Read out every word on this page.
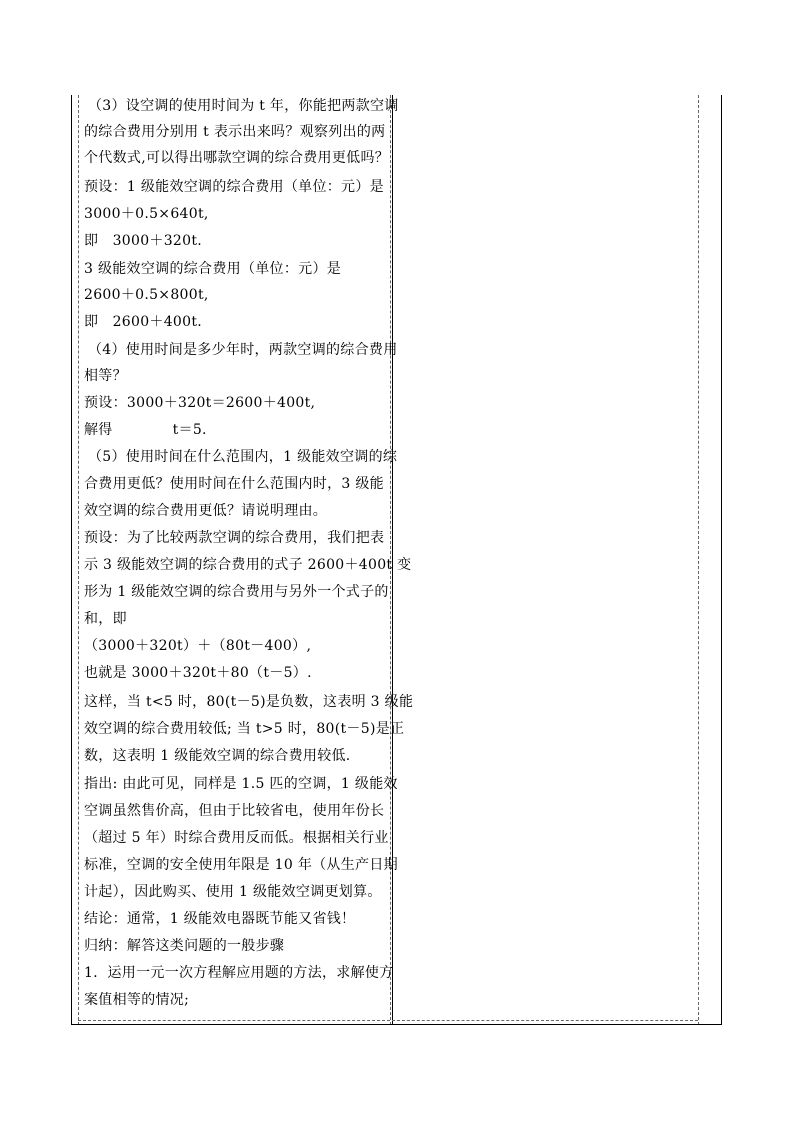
（3）设空调的使用时间为 t 年，你能把两款空调
的综合费用分别用 t 表示出来吗？观察列出的两
个代数式,可以得出哪款空调的综合费用更低吗？
预设：1 级能效空调的综合费用（单位：元）是
3000＋0.5×640t,
即　3000＋320t.
3 级能效空调的综合费用（单位：元）是
2600＋0.5×800t,
即　2600＋400t.
（4）使用时间是多少年时，两款空调的综合费用
相等？
预设：3000＋320t＝2600＋400t,
解得	t＝5.
（5）使用时间在什么范围内，1 级能效空调的综
合费用更低？使用时间在什么范围内时，3 级能
效空调的综合费用更低？请说明理由。
预设：为了比较两款空调的综合费用，我们把表
示 3 级能效空调的综合费用的式子 2600＋400t 变
形为 1 级能效空调的综合费用与另外一个式子的
和，即
（3000＋320t）＋（80t－400）,
也就是 3000＋320t＋80（t－5）.
这样，当 t<5 时，80(t－5)是负数，这表明 3 级能
效空调的综合费用较低; 当 t>5 时，80(t－5)是正
数，这表明 1 级能效空调的综合费用较低.
指出: 由此可见，同样是 1.5 匹的空调，1 级能效
空调虽然售价高，但由于比较省电，使用年份长
（超过 5 年）时综合费用反而低。根据相关行业
标准，空调的安全使用年限是 10 年（从生产日期
计起），因此购买、使用 1 级能效空调更划算。
结论：通常，1 级能效电器既节能又省钱！
归纳：解答这类问题的一般步骤
1．运用一元一次方程解应用题的方法，求解使方
案值相等的情况;
